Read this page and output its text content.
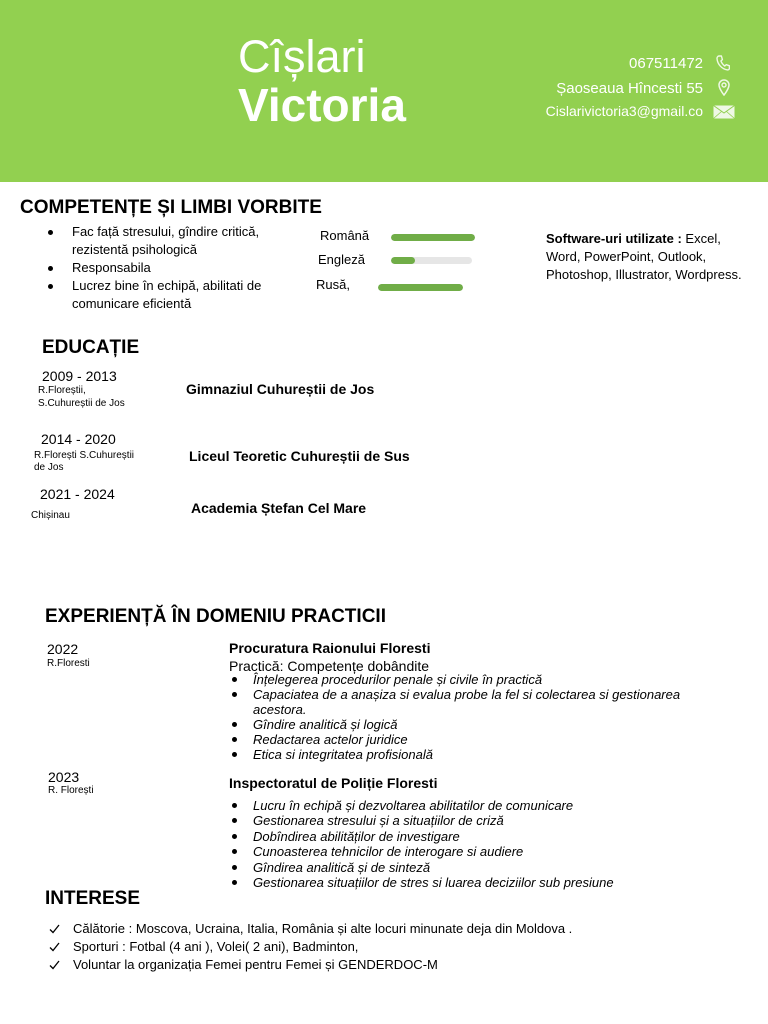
Cîșlari
Victoria
067511472
Șaoseaua Hîncesti 55
Cislarivictoria3@gmail.co
COMPETENȚE ȘI LIMBI VORBITE
Fac față stresului, gîndire critică, rezistentă psihologică
Responsabila
Lucrez bine în echipă, abilitati de comunicare eficientă
Română
Engleză
Rusă,
Software-uri utilizate : Excel, Word, PowerPoint, Outlook, Photoshop, Illustrator, Wordpress.
EDUCAȚIE
2009 - 2013
R.Floreștii,
S.Cuhureștii de Jos
Gimnaziul Cuhureștii de Jos
2014 - 2020
R.Florești S.Cuhureștii
de Jos
Liceul Teoretic Cuhureștii de Sus
2021 - 2024
Chișinau	Academia Ștefan Cel Mare
EXPERIENȚĂ ÎN DOMENIU PRACTICII
2022
R.Floresti
Procuratura Raionului Floresti
Practică: Competențe dobândite
Înțelegerea procedurilor penale și civile în practică
Capaciatea de a anașiza si evalua probe la fel si colectarea si gestionarea acestora.
Gîndire analitică și logică
Redactarea actelor juridice
Etica si integritatea profisională
2023
R. Florești	Inspectoratul de Poliție Floresti
Lucru în echipă și dezvoltarea abilitatilor de comunicare
Gestionarea stresului și a situațiilor de criză
Dobîndirea abilităților de investigare
Cunoasterea tehnicilor de interogare si audiere
Gîndirea analitică și de sinteză
Gestionarea situațiilor de stres si luarea deciziilor sub presiune
INTERESE
Călătorie : Moscova, Ucraina, Italia, România și alte locuri minunate deja din Moldova .
Sporturi : Fotbal (4 ani ), Volei( 2 ani), Badminton,
Voluntar la organizația Femei pentru Femei și GENDERDOC-M
